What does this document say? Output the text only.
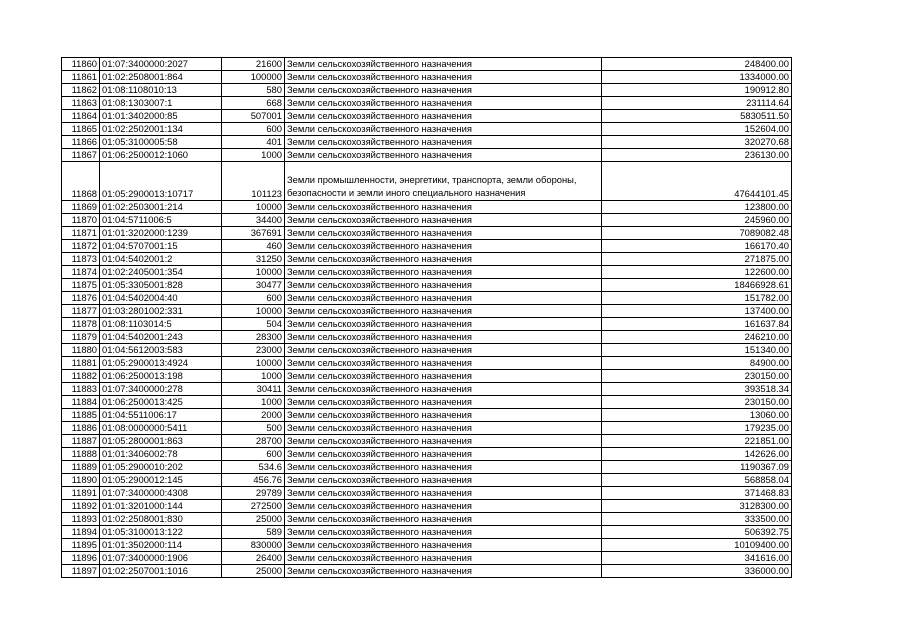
11860	01:07:3400000:2027	21600	Земли сельскохозяйственного назначения	248400.00
11861	01:02:2508001:864	100000	Земли сельскохозяйственного назначения	1334000.00
11862	01:08:1108010:13	580	Земли сельскохозяйственного назначения	190912.80
11863	01:08:1303007:1	668	Земли сельскохозяйственного назначения	231114.64
11864	01:01:3402000:85	507001	Земли сельскохозяйственного назначения	5830511.50
11865	01:02:2502001:134	600	Земли сельскохозяйственного назначения	152604.00
11866	01:05:3100005:58	401	Земли сельскохозяйственного назначения	320270.68
11867	01:06:2500012:1060	1000	Земли сельскохозяйственного назначения	236130.00
11868	01:05:2900013:10717	101123	Земли промышленности, энергетики, транспорта, земли обороны, безопасности и земли иного специального назначения	47644101.45
11869	01:02:2503001:214	10000	Земли сельскохозяйственного назначения	123800.00
11870	01:04:5711006:5	34400	Земли сельскохозяйственного назначения	245960.00
11871	01:01:3202000:1239	367691	Земли сельскохозяйственного назначения	7089082.48
11872	01:04:5707001:15	460	Земли сельскохозяйственного назначения	166170.40
11873	01:04:5402001:2	31250	Земли сельскохозяйственного назначения	271875.00
11874	01:02:2405001:354	10000	Земли сельскохозяйственного назначения	122600.00
11875	01:05:3305001:828	30477	Земли сельскохозяйственного назначения	18466928.61
11876	01:04:5402004:40	600	Земли сельскохозяйственного назначения	151782.00
11877	01:03:2801002:331	10000	Земли сельскохозяйственного назначения	137400.00
11878	01:08:1103014:5	504	Земли сельскохозяйственного назначения	161637.84
11879	01:04:5402001:243	28300	Земли сельскохозяйственного назначения	246210.00
11880	01:04:5612003:583	23000	Земли сельскохозяйственного назначения	151340.00
11881	01:05:2900013:4924	10000	Земли сельскохозяйственного назначения	84900.00
11882	01:06:2500013:198	1000	Земли сельскохозяйственного назначения	230150.00
11883	01:07:3400000:278	30411	Земли сельскохозяйственного назначения	393518.34
11884	01:06:2500013:425	1000	Земли сельскохозяйственного назначения	230150.00
11885	01:04:5511006:17	2000	Земли сельскохозяйственного назначения	13060.00
11886	01:08:0000000:5411	500	Земли сельскохозяйственного назначения	179235.00
11887	01:05:2800001:863	28700	Земли сельскохозяйственного назначения	221851.00
11888	01:01:3406002:78	600	Земли сельскохозяйственного назначения	142626.00
11889	01:05:2900010:202	534.6	Земли сельскохозяйственного назначения	1190367.09
11890	01:05:2900012:145	456.76	Земли сельскохозяйственного назначения	568858.04
11891	01:07:3400000:4308	29789	Земли сельскохозяйственного назначения	371468.83
11892	01:01:3201000:144	272500	Земли сельскохозяйственного назначения	3128300.00
11893	01:02:2508001:830	25000	Земли сельскохозяйственного назначения	333500.00
11894	01:05:3100013:122	589	Земли сельскохозяйственного назначения	506392.75
11895	01:01:3502000:114	830000	Земли сельскохозяйственного назначения	10109400.00
11896	01:07:3400000:1906	26400	Земли сельскохозяйственного назначения	341616.00
11897	01:02:2507001:1016	25000	Земли сельскохозяйственного назначения	336000.00
